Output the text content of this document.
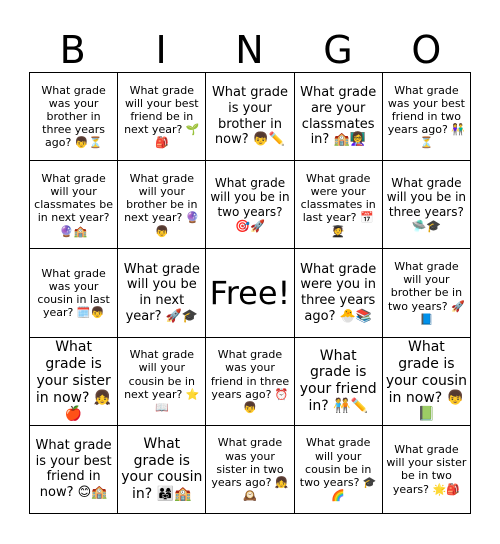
B	I	N	G	O
What grade was your brother in three years ago? 👦⏳
What grade will your best friend be in next year? 🌱🎒
What grade is your brother in now? 👦✏️
What grade are your classmates in? 🏫👩‍🏫
What grade was your best friend in two years ago? 👫⏳
What grade will your classmates be in next year? 🔮🏫
What grade will your brother be in next year? 🔮👦
What grade will you be in two years? 🎯🚀
What grade were your classmates in last year? 📅🧑‍🎓
What grade will you be in three years? 🛸🎓
What grade was your cousin in last year? 🗓️👦
What grade will you be in next year? 🚀🎓
Free!
What grade were you in three years ago? 🐣📚
What grade will your brother be in two years? 🚀📘
What grade is your sister in now? 👧🍎
What grade will your cousin be in next year? ⭐📖
What grade was your friend in three years ago? ⏰👦
What grade is your friend in? 🧑‍🤝‍🧑✏️
What grade is your cousin in now? 👦📗
What grade is your best friend in now? 😊🏫
What grade is your cousin in? 👨‍👩‍👧🏫
What grade was your sister in two years ago? 👧🕰️
What grade will your cousin be in two years? 🎓🌈
What grade will your sister be in two years? 🌟🎒
